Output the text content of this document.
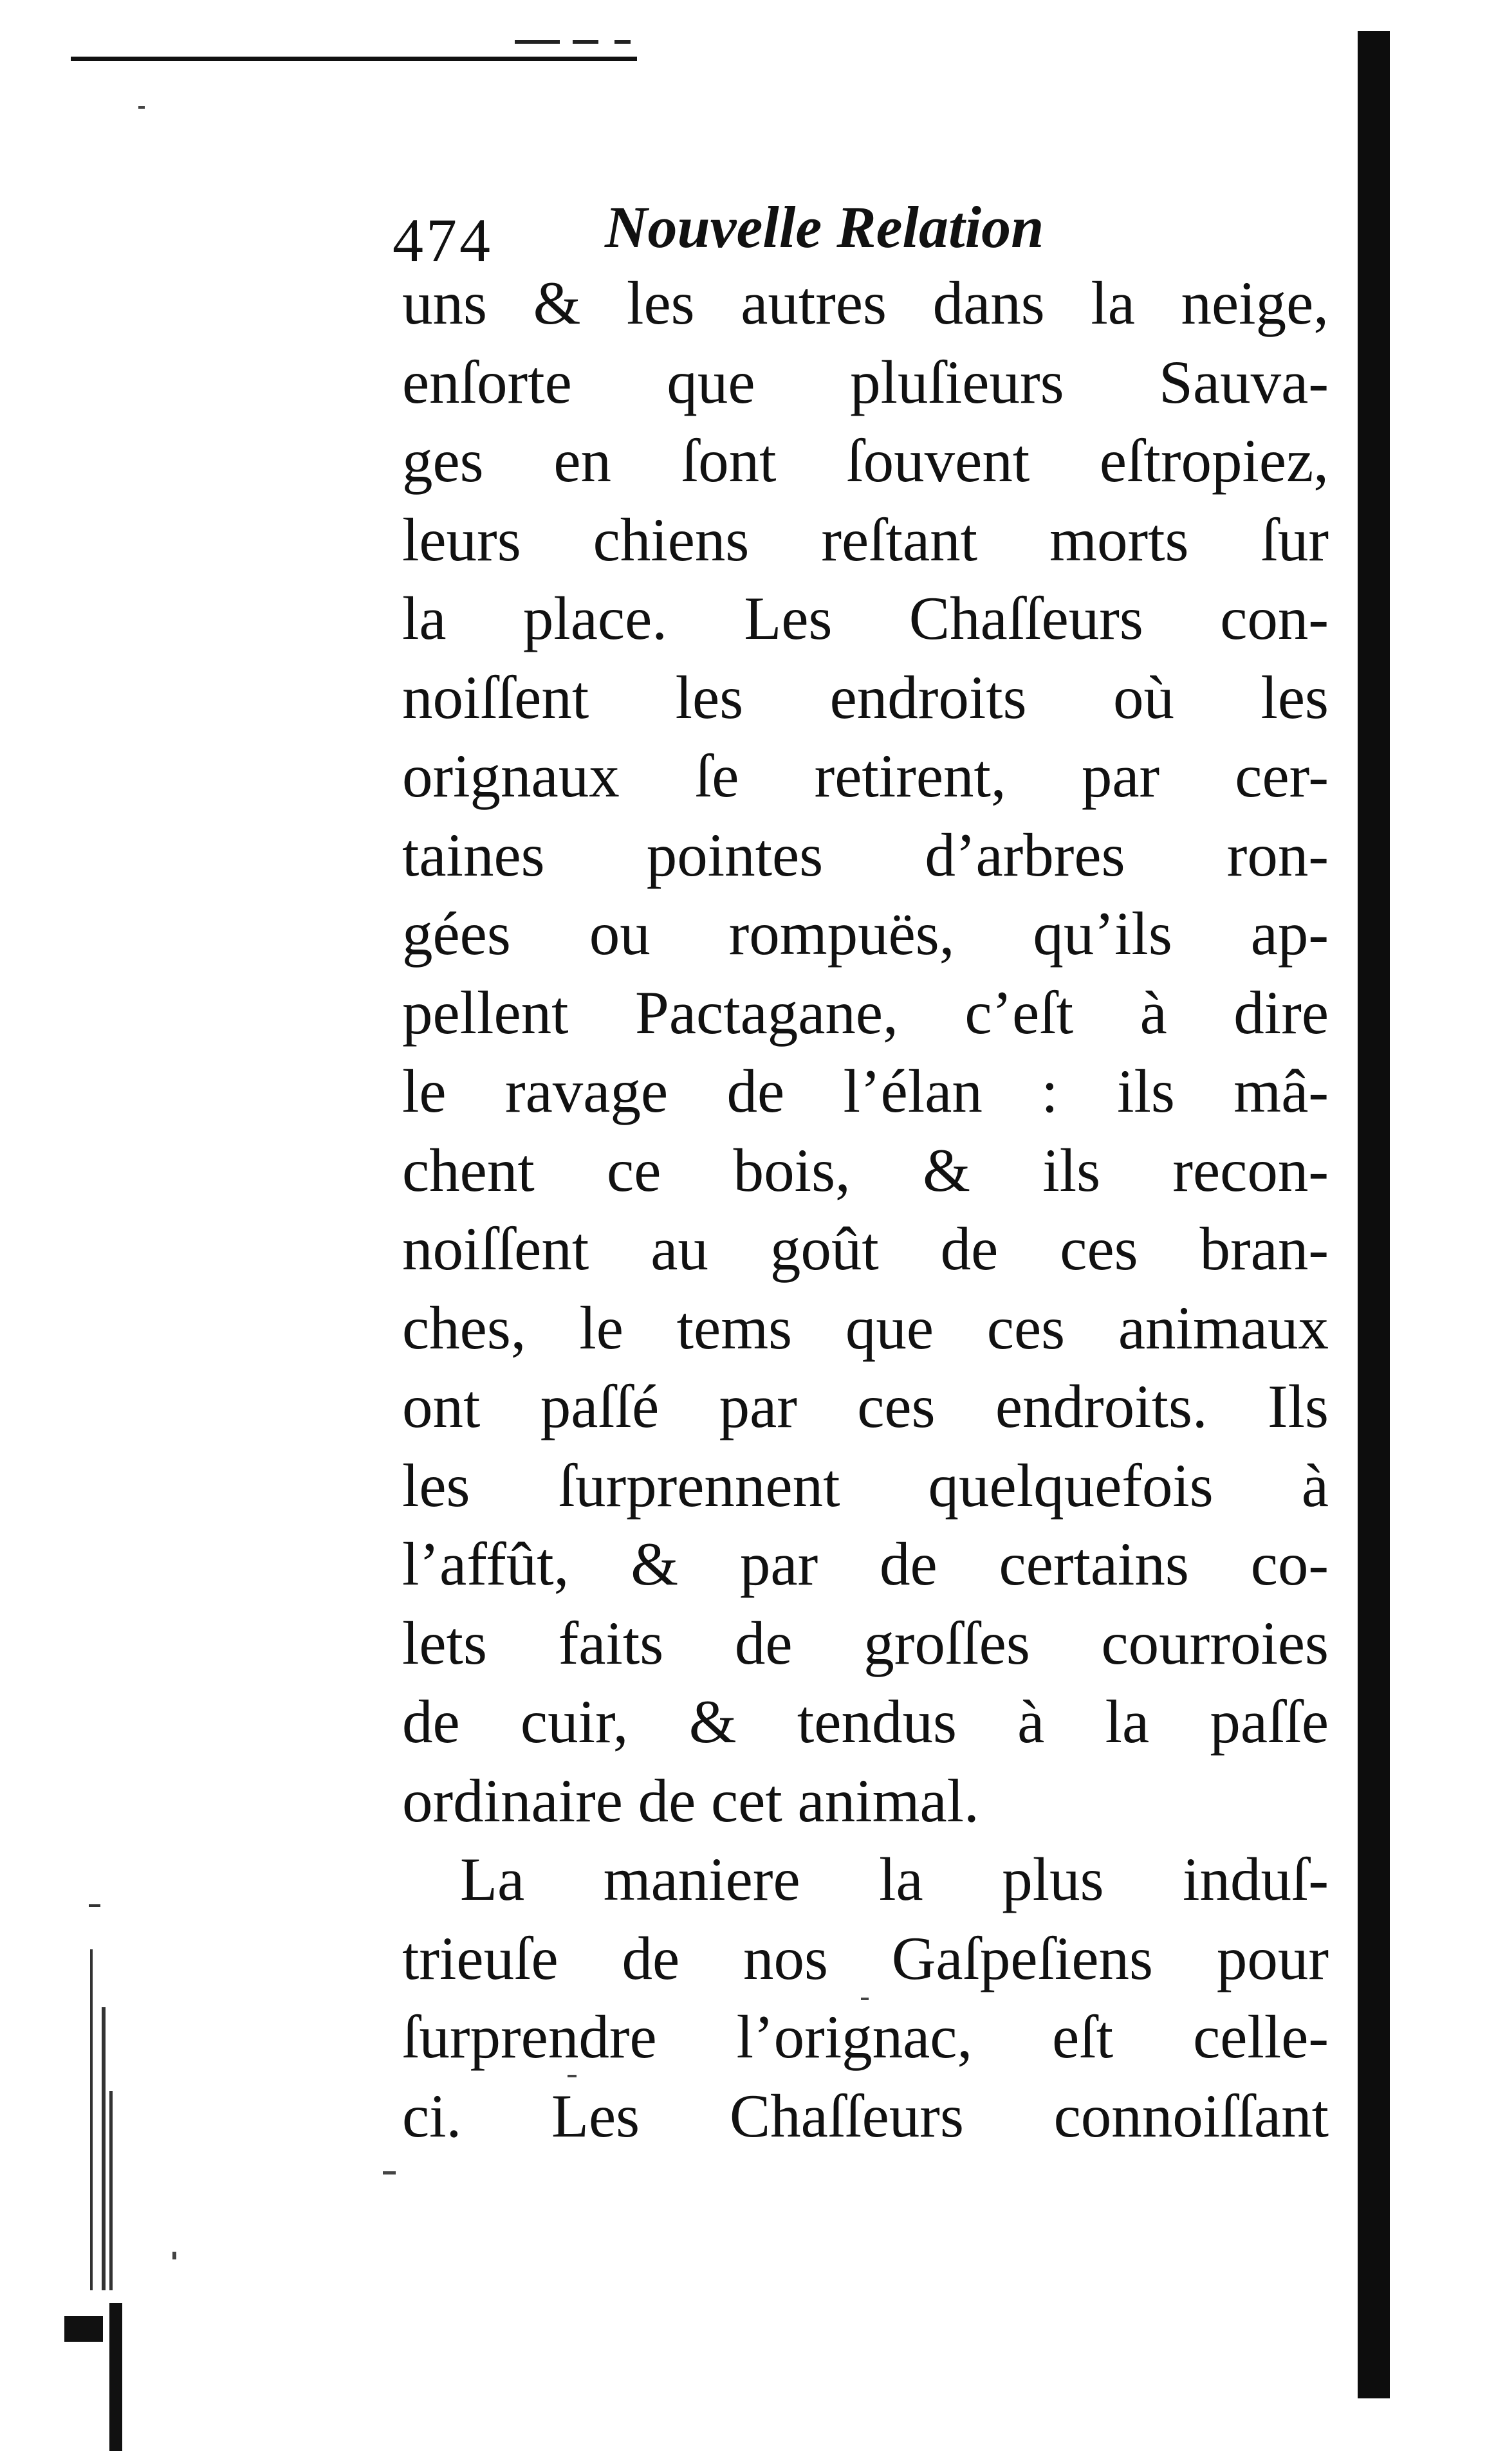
474 Nouvelle Relation
uns & les autres dans la neige,
enſorte que pluſieurs Sauva-
ges en ſont ſouvent eſtropiez,
leurs chiens reſtant morts ſur
la place. Les Chaſſeurs con-
noiſſent les endroits où les
orignaux ſe retirent, par cer-
taines pointes d’arbres ron-
gées ou rompuës, qu’ils ap-
pellent Pactagane, c’eſt à dire
le ravage de l’élan : ils mâ-
chent ce bois, & ils recon-
noiſſent au goût de ces bran-
ches, le tems que ces animaux
ont paſſé par ces endroits. Ils
les ſurprennent quelquefois à
l’affût, & par de certains co-
lets faits de groſſes courroies
de cuir, & tendus à la paſſe
ordinaire de cet animal.
La maniere la plus induſ-
trieuſe de nos Gaſpeſiens pour
ſurprendre l’orignac, eſt celle-
ci. Les Chaſſeurs connoiſſant
